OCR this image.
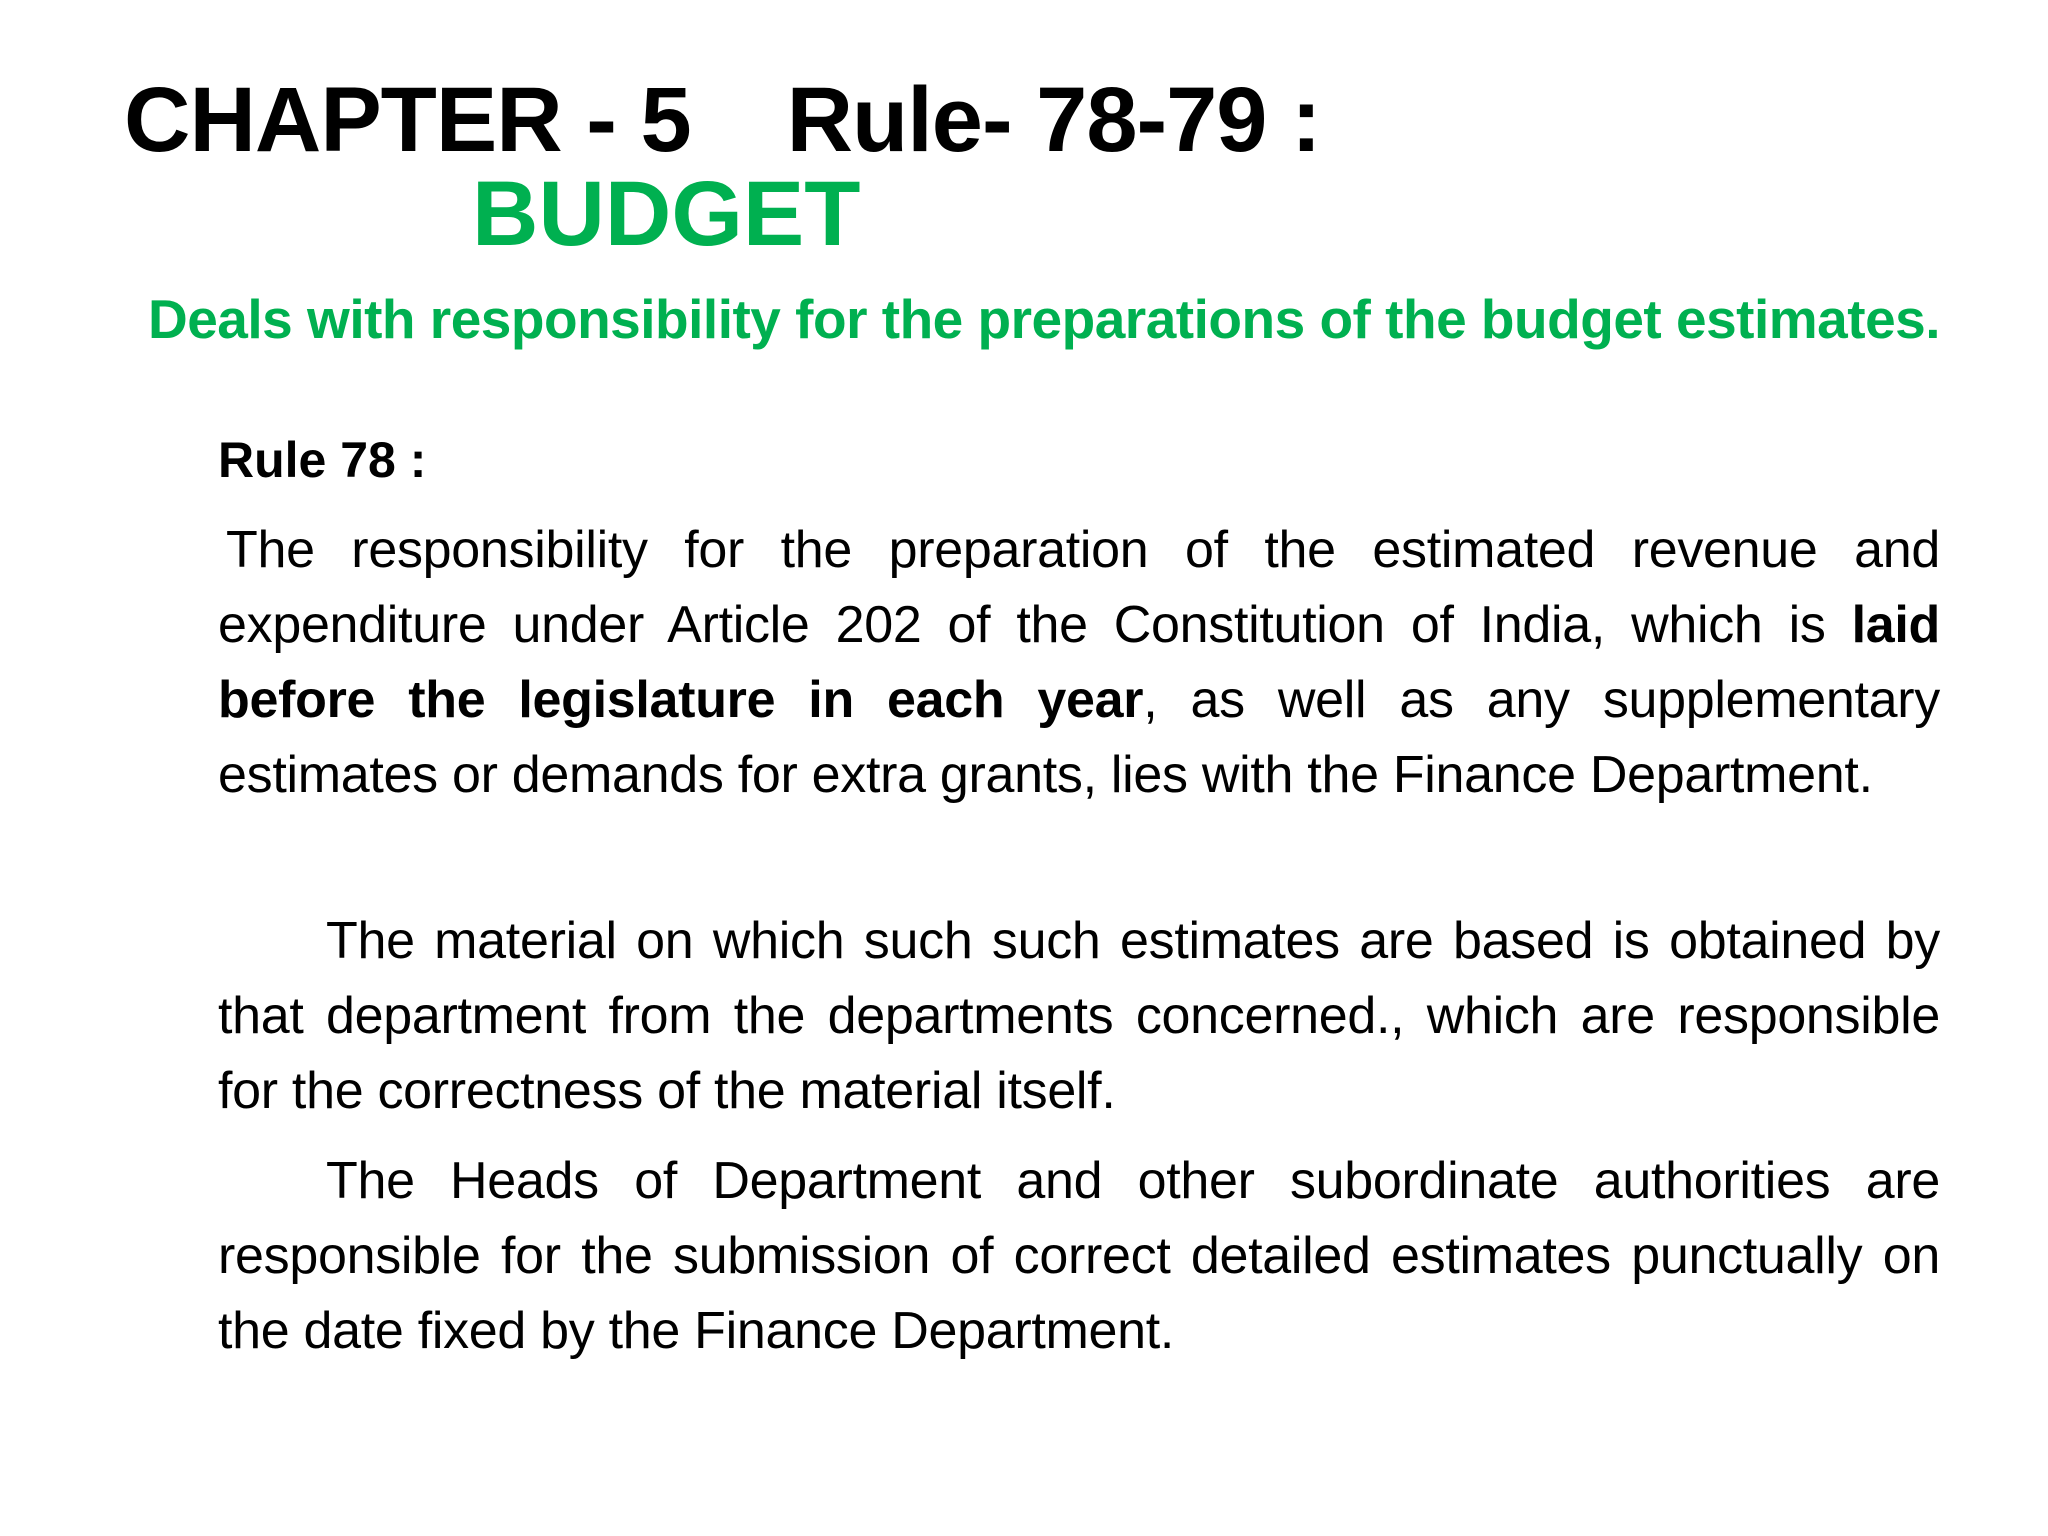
CHAPTER - 5 Rule- 78-79 :
BUDGET
Deals with responsibility for the preparations of the budget estimates.
Rule 78 :
The responsibility for the preparation of the estimated revenue and expenditure under Article 202 of the Constitution of India, which is laid before the legislature in each year, as well as any supplementary estimates or demands for extra grants, lies with the Finance Department.
The material on which such such estimates are based is obtained by that department from the departments concerned., which are responsible for the correctness of the material itself.
The Heads of Department and other subordinate authorities are responsible for the submission of correct detailed estimates punctually on the date fixed by the Finance Department.
